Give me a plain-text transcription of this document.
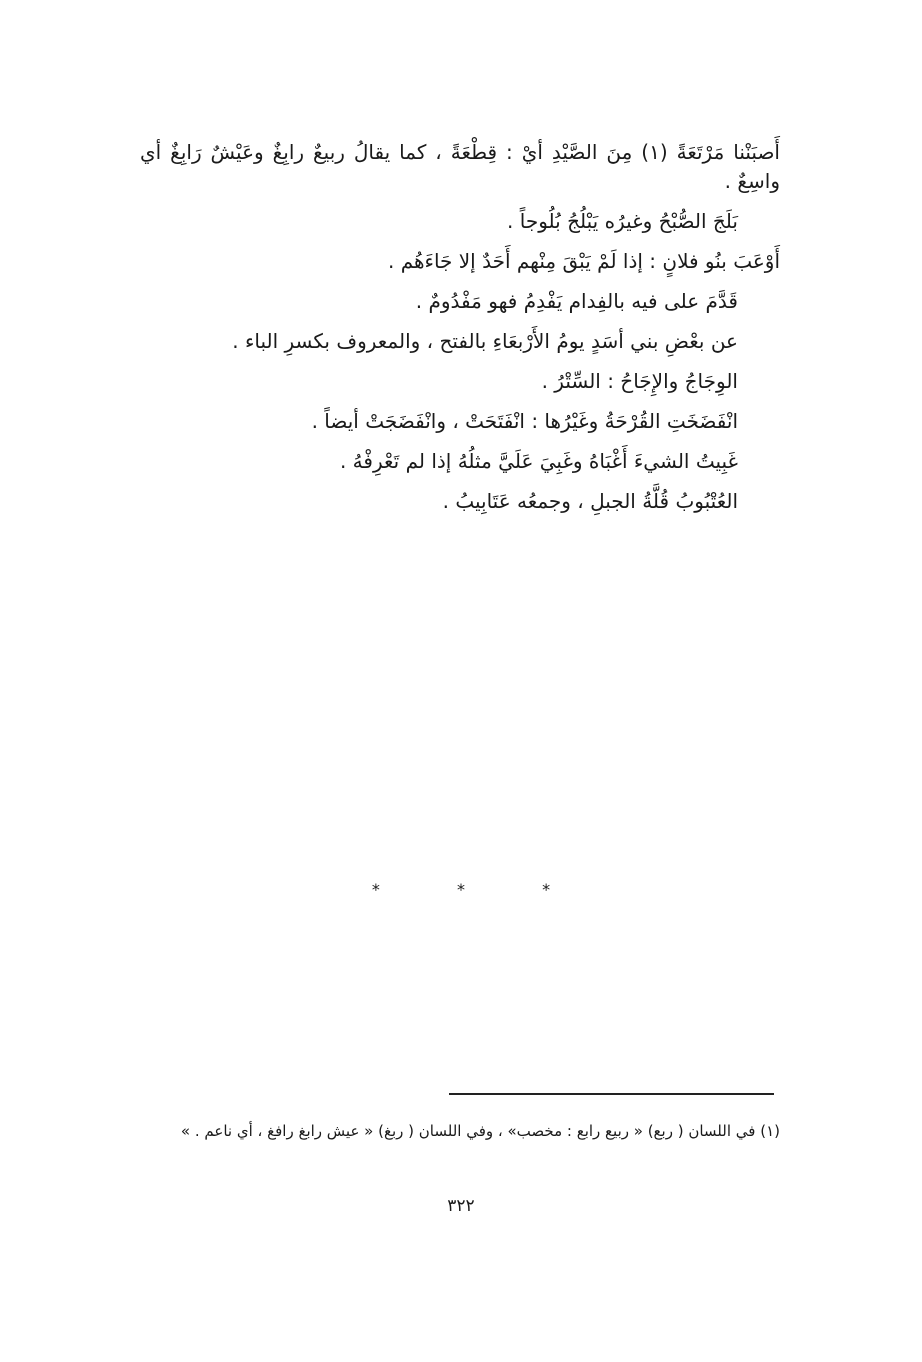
أَصبَنْنا مَرْتَعَةً (١) مِنَ الصَّيْدِ أيْ : قِطْعَةً ، كما يقالُ ربيعٌ رابِغٌ وعَيْشٌ رَابِغٌ أي واسِعٌ .

بَلَجَ الصُّبْحُ وغيرُه يَبْلُجُ بُلُوجاً .

أَوْعَبَ بنُو فلانٍ : إذا لَمْ يَبْقَ مِنْهم أَحَدٌ إلا جَاءَهُم .

قَدَّمَ على فيه بالفِدام يَفْدِمُ فهو مَفْدُومٌ .

عن بعْضِ بني أسَدٍ يومُ الأَرْبعَاءِ بالفتح ، والمعروف بكسرِ الباء .

الوِجَاجُ والإِجَاحُ : السِّتْرُ .

انْفَضَخَتِ القُرْحَةُ وغَيْرُها : انْفَتَحَتْ ، وانْفَضَجَتْ أيضاً .

غَبِيتُ الشيءَ أَغْبَاهُ وغَبِيَ عَلَيَّ مثلُهُ إذا لم تَعْرِفْهُ .

العُتْبُوبُ قُلَّةُ الجبلِ ، وجمعُه عَتَابِيبُ .

* * *
(١) في اللسان ( ربع) « ربيع رابع : مخصب» ، وفي اللسان ( ربغ) « عيش رابغ رافغ ، أي ناعم . »
٣٢٢
